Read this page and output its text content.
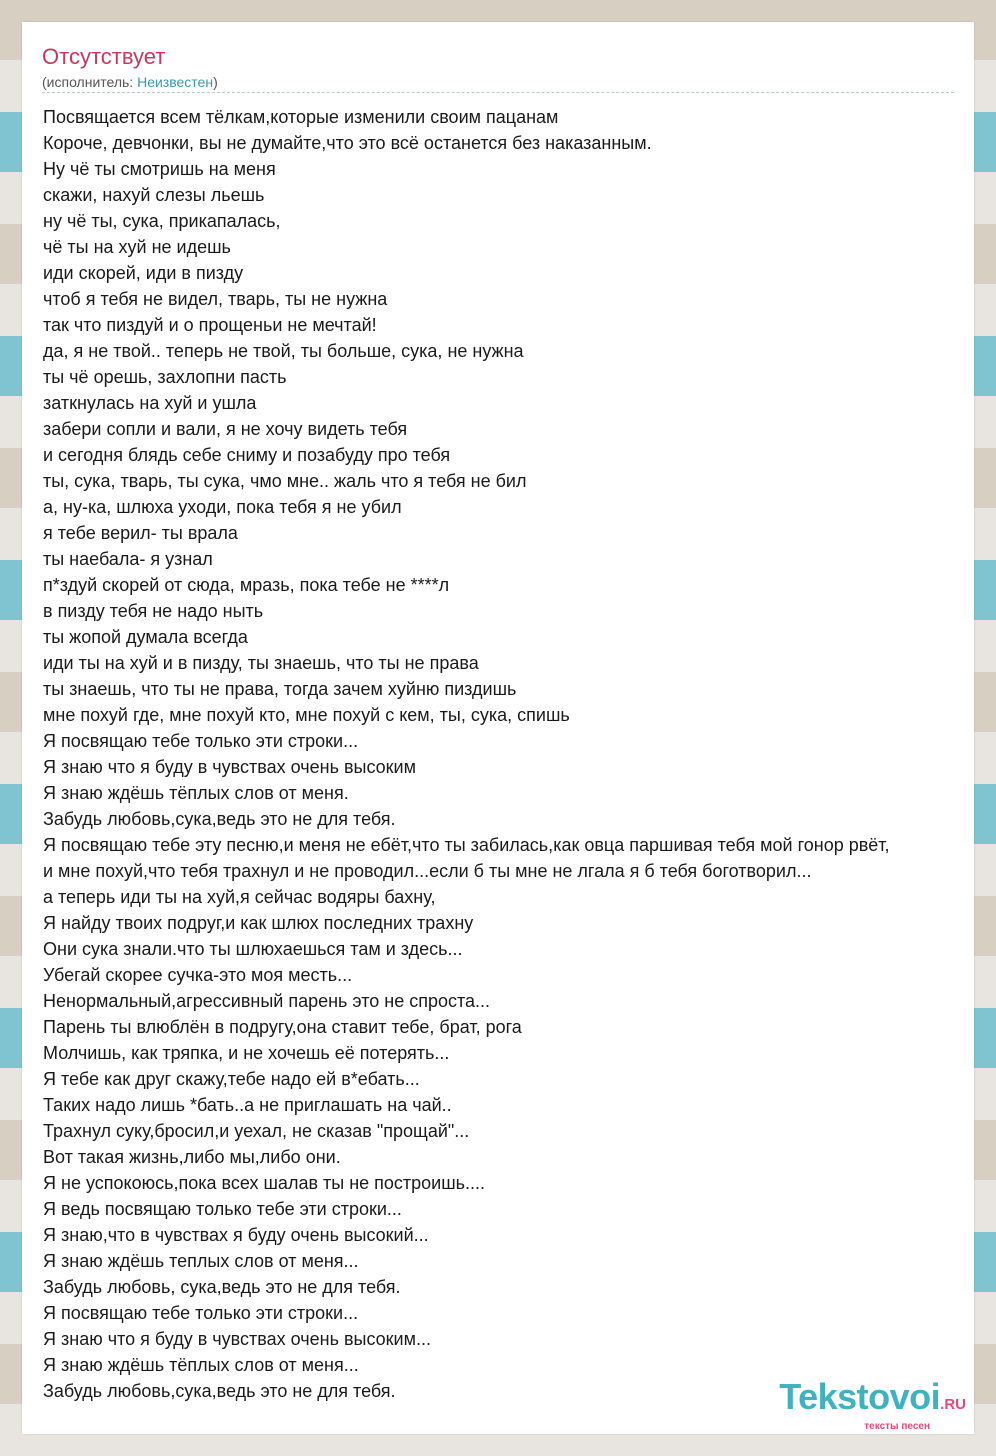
Отсутствует
(исполнитель: Неизвестен)
Посвящается всем тёлкам,которые изменили своим пацанам
Короче, девчонки, вы не думайте,что это всё останется без наказанным.
Ну чё ты смотришь на меня
скажи, нахуй слезы льешь
ну чё ты, сука, прикапалась,
чё ты на хуй не идешь
иди скорей, иди в пизду
чтоб я тебя не видел, тварь, ты не нужна
так что пиздуй и о прощеньи не мечтай!
да, я не твой.. теперь не твой, ты больше, сука, не нужна
ты чё орешь, захлопни пасть
заткнулась на хуй и ушла
забери сопли и вали, я не хочу видеть тебя
и сегодня блядь себе сниму и позабуду про тебя
ты, сука, тварь, ты сука, чмо мне.. жаль что я тебя не бил
а, ну-ка, шлюха уходи, пока тебя я не убил
я тебе верил- ты врала
ты наебала- я узнал
п*здуй скорей от сюда, мразь, пока тебе не ****л
в пизду тебя не надо ныть
ты жопой думала всегда
иди ты на хуй и в пизду, ты знаешь, что ты не права
ты знаешь, что ты не права, тогда зачем хуйню пиздишь
мне похуй где, мне похуй кто, мне похуй с кем, ты, сука, спишь
Я посвящаю тебе только эти строки...
Я знаю что я буду в чувствах очень высоким
Я знаю ждёшь тёплых слов от меня.
Забудь любовь,сука,ведь это не для тебя.
Я посвящаю тебе эту песню,и меня не ебёт,что ты забилась,как овца паршивая тебя мой гонор рвёт,
и мне похуй,что тебя трахнул и не проводил...если б ты мне не лгала я б тебя боготворил...
а теперь иди ты на хуй,я сейчас водяры бахну,
Я найду твоих подруг,и как шлюх последних трахну
Они сука знали.что ты шлюхаешься там и здесь...
Убегай скорее сучка-это моя месть...
Ненормальный,агрессивный парень это не спроста...
Парень ты влюблён в подругу,она ставит тебе, брат, рога
Молчишь, как тряпка, и не хочешь её потерять...
Я тебе как друг скажу,тебе надо ей в*ебать...
Таких надо лишь *бать..а не приглашать на чай..
Трахнул суку,бросил,и уехал, не сказав "прощай"...
Вот такая жизнь,либо мы,либо они.
Я не успокоюсь,пока всех шалав ты не построишь....
Я ведь посвящаю только тебе эти строки...
Я знаю,что в чувствах я буду очень высокий...
Я знаю ждёшь теплых слов от меня...
Забудь любовь, сука,ведь это не для тебя.
Я посвящаю тебе только эти строки...
Я знаю что я буду в чувствах очень высоким...
Я знаю ждёшь тёплых слов от меня...
Забудь любовь,сука,ведь это не для тебя.	Tekstovoi.RU
тексты песен
